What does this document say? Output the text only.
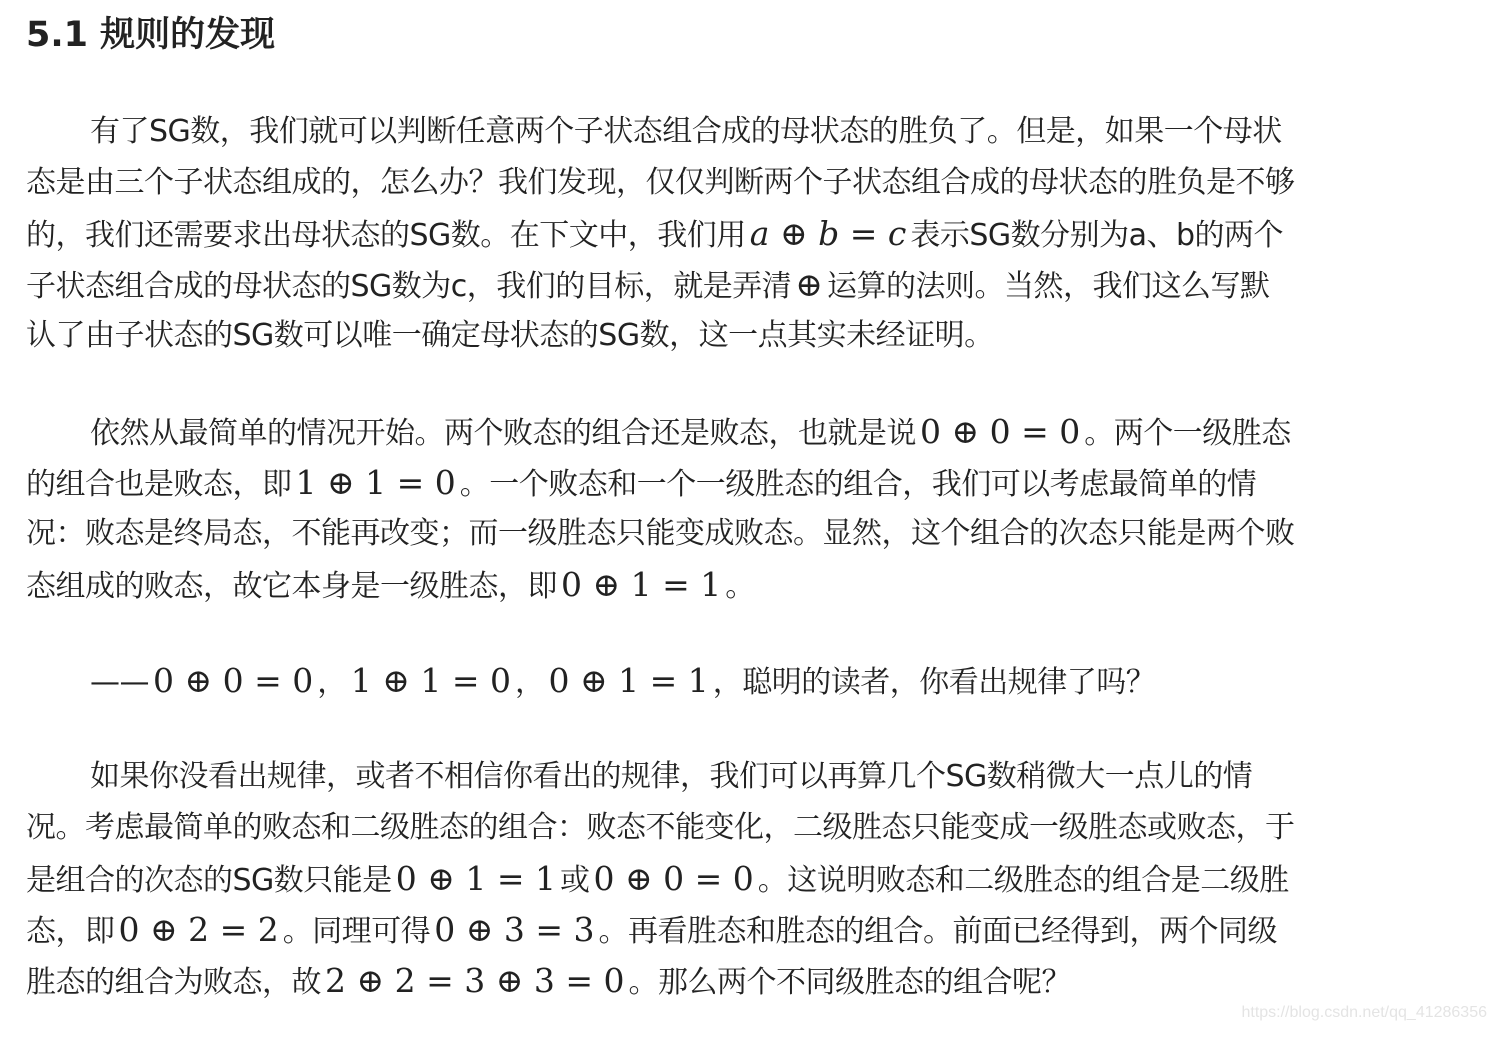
5.1 规则的发现
有了SG数，我们就可以判断任意两个子状态组合成的母状态的胜负了。但是，如果一个母状
态是由三个子状态组成的，怎么办？我们发现，仅仅判断两个子状态组合成的母状态的胜负是不够
的，我们还需要求出母状态的SG数。在下文中，我们用 a ⊕ b = c 表示SG数分别为a、b的两个
子状态组合成的母状态的SG数为c，我们的目标，就是弄清 ⊕ 运算的法则。当然，我们这么写默
认了由子状态的SG数可以唯一确定母状态的SG数，这一点其实未经证明。
依然从最简单的情况开始。两个败态的组合还是败态，也就是说 0 ⊕ 0 = 0 。两个一级胜态
的组合也是败态，即 1 ⊕ 1 = 0 。一个败态和一个一级胜态的组合，我们可以考虑最简单的情
况：败态是终局态，不能再改变；而一级胜态只能变成败态。显然，这个组合的次态只能是两个败
态组成的败态，故它本身是一级胜态，即 0 ⊕ 1 = 1 。
—— 0 ⊕ 0 = 0 ， 1 ⊕ 1 = 0 ， 0 ⊕ 1 = 1 ，聪明的读者，你看出规律了吗？
如果你没看出规律，或者不相信你看出的规律，我们可以再算几个SG数稍微大一点儿的情
况。考虑最简单的败态和二级胜态的组合：败态不能变化，二级胜态只能变成一级胜态或败态，于
是组合的次态的SG数只能是 0 ⊕ 1 = 1 或 0 ⊕ 0 = 0 。这说明败态和二级胜态的组合是二级胜
态，即 0 ⊕ 2 = 2 。同理可得 0 ⊕ 3 = 3 。再看胜态和胜态的组合。前面已经得到，两个同级
胜态的组合为败态，故 2 ⊕ 2 = 3 ⊕ 3 = 0 。那么两个不同级胜态的组合呢？
https://blog.csdn.net/qq_41286356
